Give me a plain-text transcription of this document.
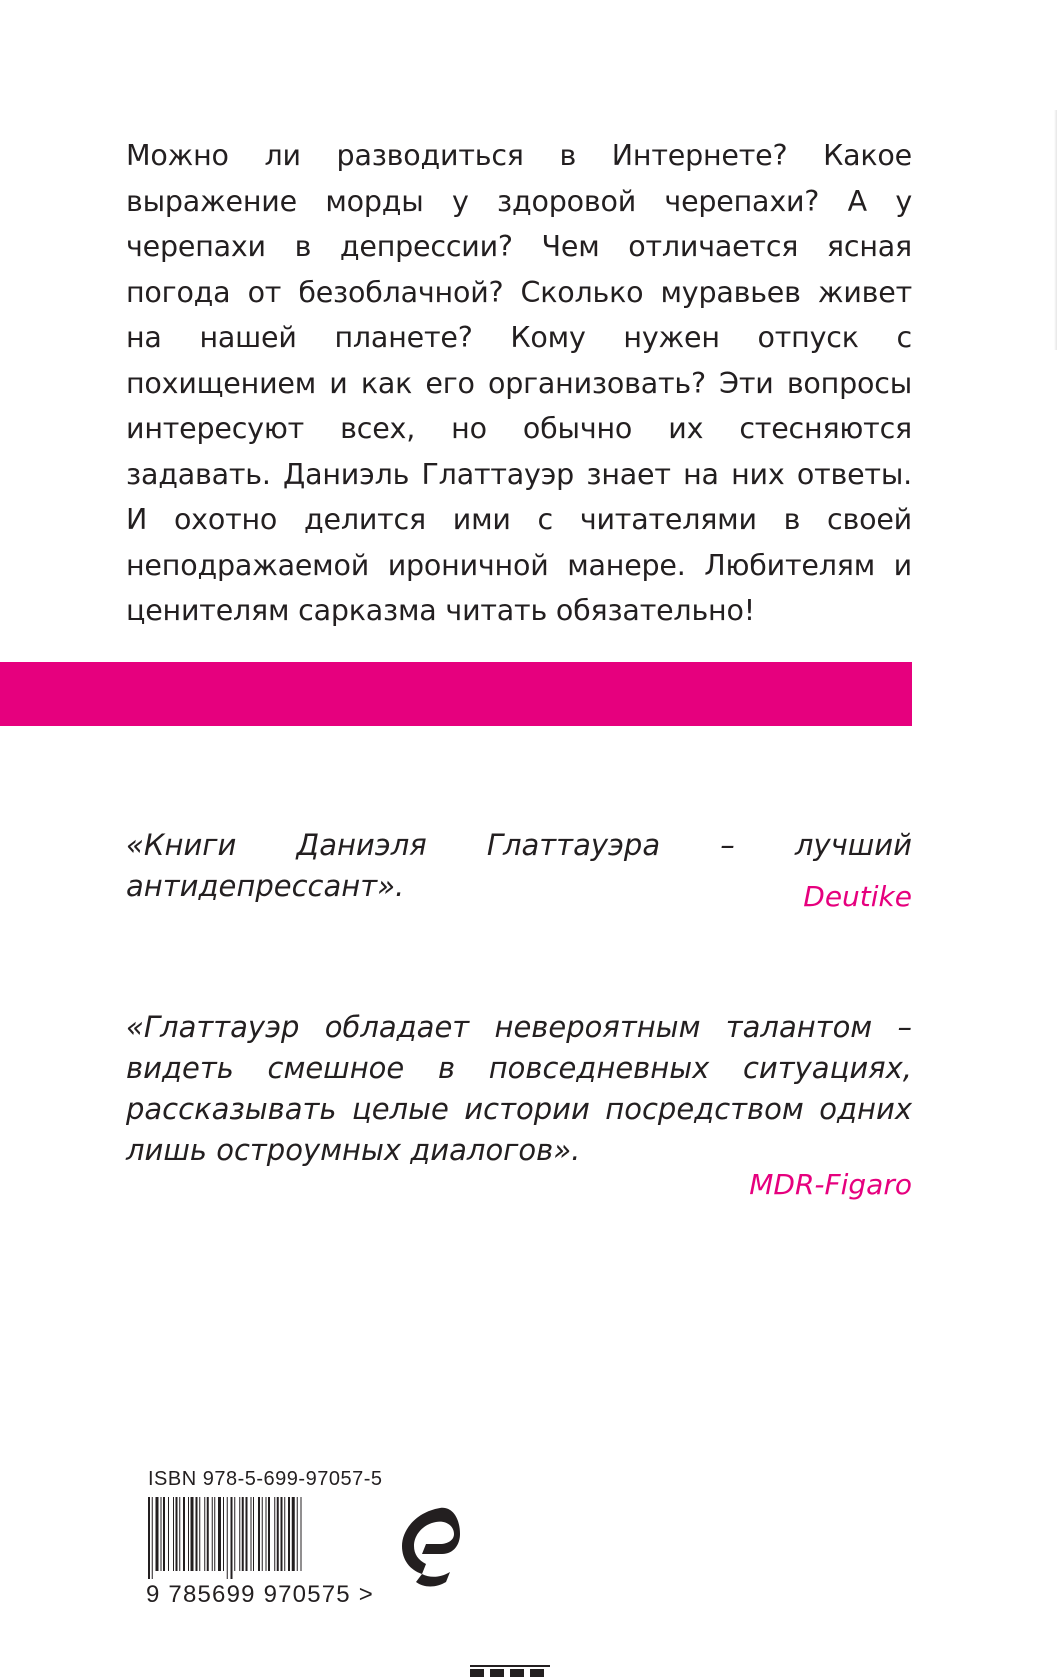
Можно ли разводиться в Интернете? Какое выражение морды у здоровой черепахи? А у черепахи в депрессии? Чем отличается ясная погода от безоблачной? Сколько муравьев живет на нашей планете? Кому нужен отпуск с похищением и как его организовать? Эти вопросы интересуют всех, но обычно их стесняются задавать. Даниэль Глаттауэр знает на них ответы. И охотно делится ими с читателями в своей неподражаемой ироничной манере. Любителям и ценителям сарказма читать обязательно!

«Книги Даниэля Глаттауэра – лучший антидепрессант».	Deutike

«Глаттауэр обладает невероятным талантом – видеть смешное в повседневных ситуациях, рассказывать целые истории посредством одних лишь остроумных диалогов».

MDR-Figaro

ISBN 978-5-699-97057-5

9 785699 970575 >
